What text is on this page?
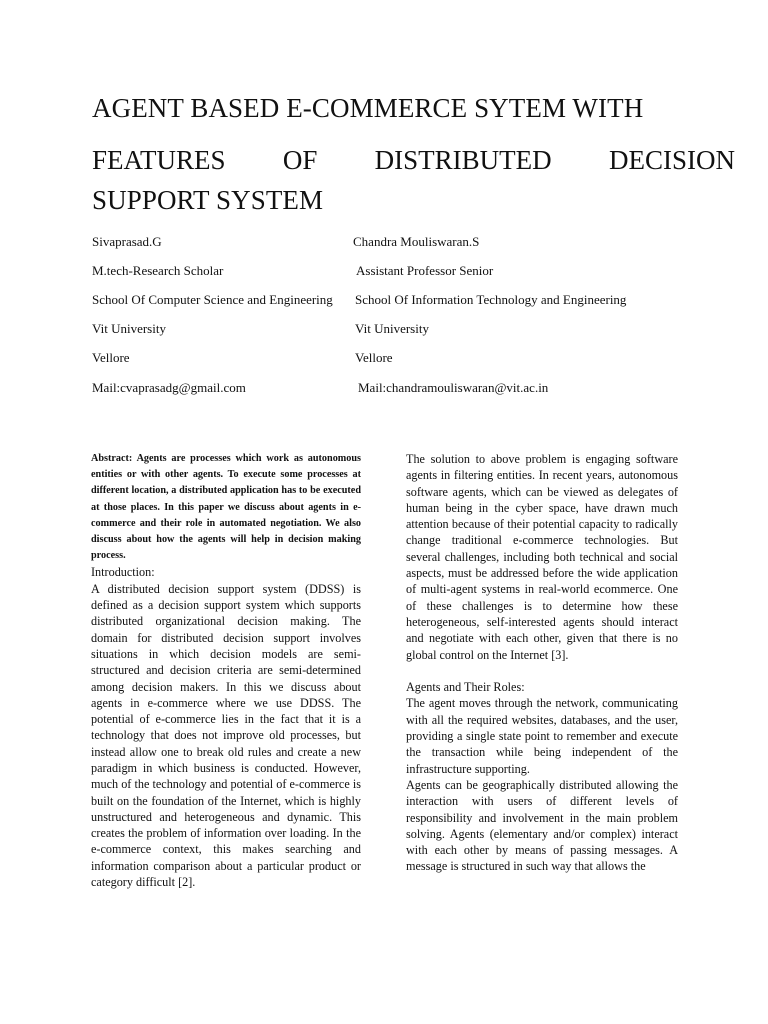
AGENT BASED E-COMMERCE SYTEM WITH
FEATURES OF DISTRIBUTED DECISION
SUPPORT SYSTEM
Sivaprasad.G
M.tech-Research Scholar
School Of Computer Science and Engineering
Vit University
Vellore
Mail:cvaprasadg@gmail.com
Chandra Mouliswaran.S
Assistant Professor Senior
School Of Information Technology and Engineering
Vit University
Vellore
Mail:chandramouliswaran@vit.ac.in

Abstract: Agents are processes which work as autonomous entities or with other agents. To execute some processes at different location, a distributed application has to be executed at those places. In this paper we discuss about agents in e-commerce and their role in automated negotiation. We also discuss about how the agents will help in decision making process.

Introduction:

A distributed decision support system (DDSS) is defined as a decision support system which supports distributed organizational decision making. The domain for distributed decision support involves situations in which decision models are semi-structured and decision criteria are semi-determined among decision makers. In this we discuss about agents in e-commerce where we use DDSS. The potential of e-commerce lies in the fact that it is a technology that does not improve old processes, but instead allow one to break old rules and create a new paradigm in which business is conducted. However, much of the technology and potential of e-commerce is built on the foundation of the Internet, which is highly unstructured and heterogeneous and dynamic. This creates the problem of information over loading. In the e-commerce context, this makes searching and information comparison about a particular product or category difficult [2].

The solution to above problem is engaging software agents in filtering entities. In recent years, autonomous software agents, which can be viewed as delegates of human being in the cyber space, have drawn much attention because of their potential capacity to radically change traditional e-commerce technologies. But several challenges, including both technical and social aspects, must be addressed before the wide application of multi-agent systems in real-world ecommerce. One of these challenges is to determine how these heterogeneous, self-interested agents should interact and negotiate with each other, given that there is no global control on the Internet [3].

Agents and Their Roles:

The agent moves through the network, communicating with all the required websites, databases, and the user, providing a single state point to remember and execute the transaction while being independent of the infrastructure supporting.

Agents can be geographically distributed allowing the interaction with users of different levels of responsibility and involvement in the main problem solving. Agents (elementary and/or complex) interact with each other by means of passing messages. A message is structured in such way that allows the
